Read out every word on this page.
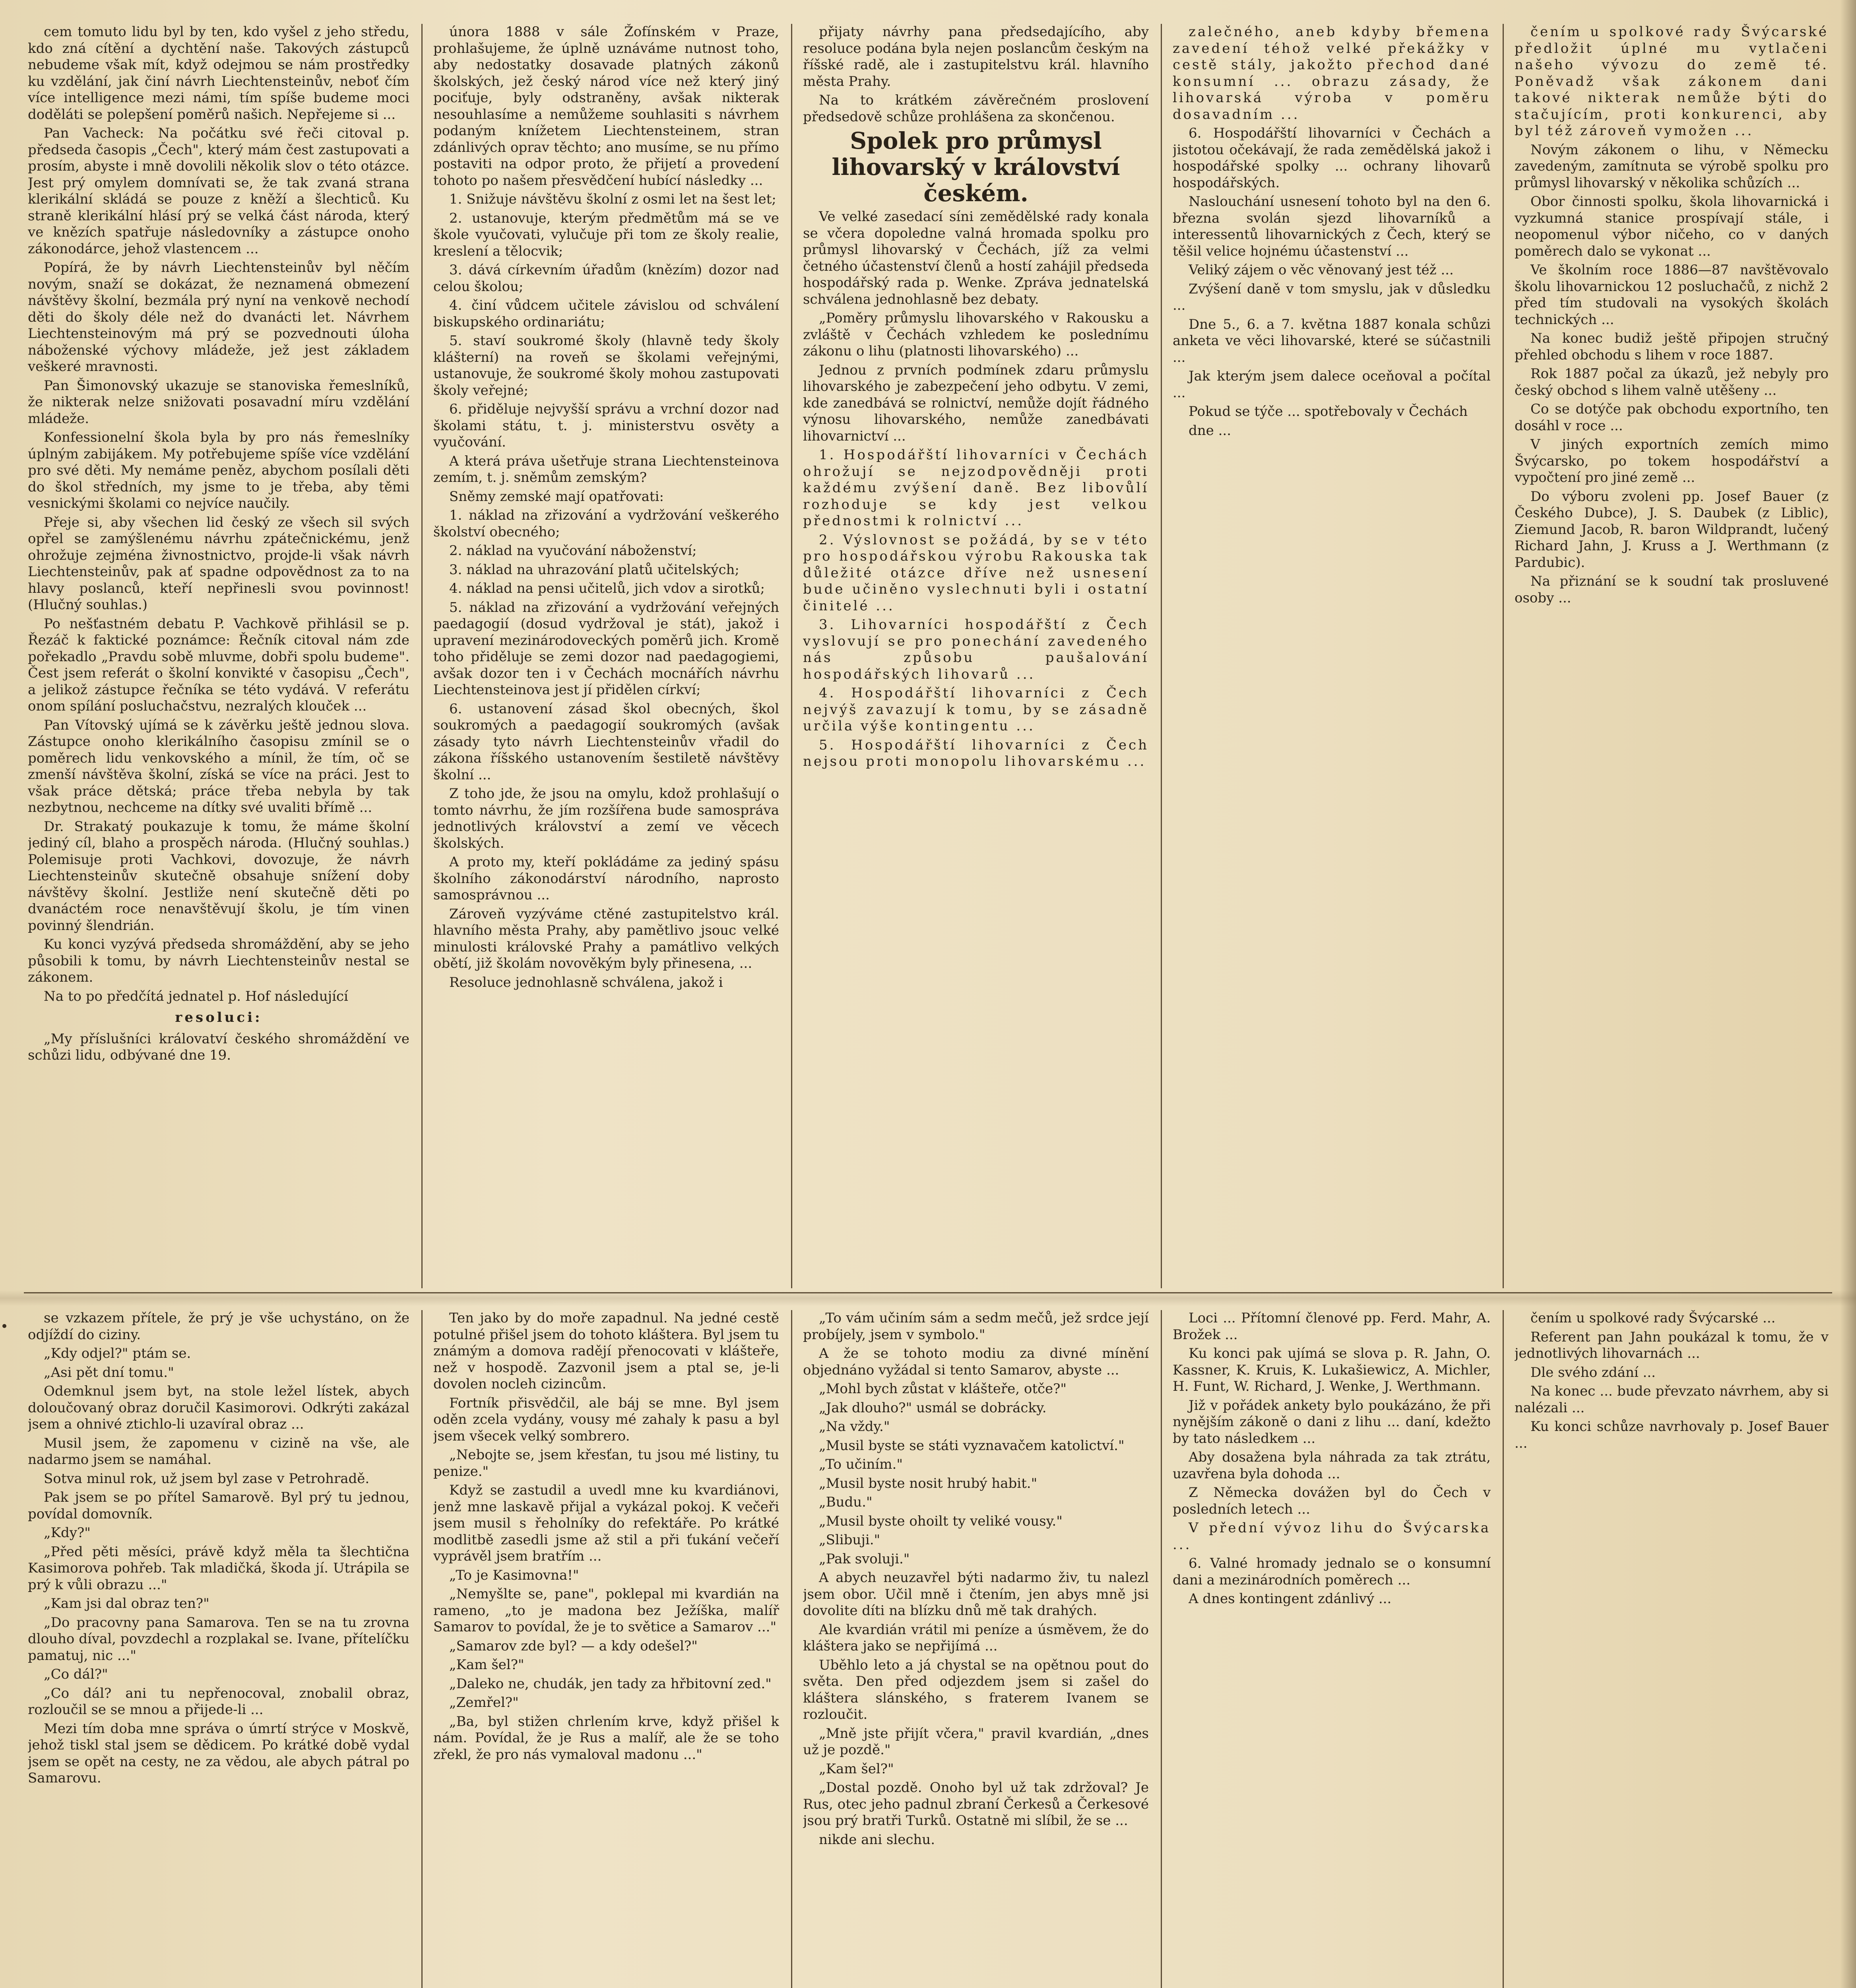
cem tomuto lidu byl by ten, kdo vyšel z jeho středu, kdo zná cítění a dychtění naše. Takových zástupců nebudeme však mít, když odejmou se nám prostředky ku vzdělání, jak činí návrh Liechtensteinův, neboť čím více intelligence mezi námi, tím spíše budeme moci doděláti se polepšení poměrů našich. Nepřejeme si ...

Pan Vacheck: Na počátku své řeči citoval p. předseda časopis „Čech", který mám čest zastupovati a prosím, abyste i mně dovolili několik slov o této otázce. Jest prý omylem domnívati se, že tak zvaná strana klerikální skládá se pouze z kněží a šlechticů. Ku straně klerikální hlásí prý se velká část národa, který ve knězích spatřuje následovníky a zástupce onoho zákonodárce, jehož vlastencem ...

Popírá, že by návrh Liechtensteinův byl něčím novým, snaží se dokázat, že neznamená obmezení návštěvy školní, bezmála prý nyní na venkově nechodí děti do školy déle než do dvanácti let. Návrhem Liechtensteinovým má prý se pozvednouti úloha náboženské výchovy mládeže, jež jest základem veškeré mravnosti.

Pan Šimonovský ukazuje se stanoviska řemeslníků, že nikterak nelze snižovati posavadní míru vzdělání mládeže.

Konfessionelní škola byla by pro nás řemeslníky úplným zabijákem. My potřebujeme spíše více vzdělání pro své děti. My nemáme peněz, abychom posílali děti do škol středních, my jsme to je třeba, aby těmi vesnickými školami co nejvíce naučily.

Přeje si, aby všechen lid český ze všech sil svých opřel se zamýšlenému návrhu zpátečnickému, jenž ohrožuje zejména živnostnictvo, projde-li však návrh Liechtensteinův, pak ať spadne odpovědnost za to na hlavy poslanců, kteří nepřinesli svou povinnost! (Hlučný souhlas.)

Po nešťastném debatu P. Vachkově přihlásil se p. Řezáč k faktické poznámce: Řečník citoval nám zde pořekadlo „Pravdu sobě mluvme, dobři spolu budeme". Čest jsem referát o školní konvikté v časopisu „Čech", a jelikož zástupce řečníka se této vydává. V referátu onom spílání posluchačstvu, nezralých klouček ...

Pan Vítovský ujímá se k závěrku ještě jednou slova. Zástupce onoho klerikálního časopisu zmínil se o poměrech lidu venkovského a mínil, že tím, oč se zmenší návštěva školní, získá se více na práci. Jest to však práce dětská; práce třeba nebyla by tak nezbytnou, nechceme na dítky své uvaliti břímě ...

Dr. Strakatý poukazuje k tomu, že máme školní jediný cíl, blaho a prospěch národa. (Hlučný souhlas.) Polemisuje proti Vachkovi, dovozuje, že návrh Liechtensteinův skutečně obsahuje snížení doby návštěvy školní. Jestliže není skutečně děti po dvanáctém roce nenavštěvují školu, je tím vinen povinný šlendrián.

Ku konci vyzývá předseda shromáždění, aby se jeho působili k tomu, by návrh Liechtensteinův nestal se zákonem.

Na to po předčítá jednatel p. Hof následující

resoluci:

„My příslušníci královatví českého shromáždění ve schůzi lidu, odbývané dne 19.

února 1888 v sále Žofínském v Praze, prohlašujeme, že úplně uznáváme nutnost toho, aby nedostatky dosavade platných zákonů školských, jež český národ více než který jiný pociťuje, byly odstraněny, avšak nikterak nesouhlasíme a nemůžeme souhlasiti s návrhem podaným knížetem Liechtensteinem, stran zdánlivých oprav těchto; ano musíme, se nu přímo postaviti na odpor proto, že přijetí a provedení tohoto po našem přesvědčení hubící následky ...

1. Snižuje návštěvu školní z osmi let na šest let;

2. ustanovuje, kterým předmětům má se ve škole vyučovati, vylučuje při tom ze školy realie, kreslení a tělocvik;

3. dává církevním úřadům (knězím) dozor nad celou školou;

4. činí vůdcem učitele závislou od schválení biskupského ordinariátu;

5. staví soukromé školy (hlavně tedy školy klášterní) na roveň se školami veřejnými, ustanovuje, že soukromé školy mohou zastupovati školy veřejné;

6. přiděluje nejvyšší správu a vrchní dozor nad školami státu, t. j. ministerstvu osvěty a vyučování.

A která práva ušetřuje strana Liechtensteinova zemím, t. j. sněmům zemským?

Sněmy zemské mají opatřovati:

1. náklad na zřizování a vydržování veškerého školství obecného;

2. náklad na vyučování náboženství;

3. náklad na uhrazování platů učitelských;

4. náklad na pensi učitelů, jich vdov a sirotků;

5. náklad na zřizování a vydržování veřejných paedagogií (dosud vydržoval je stát), jakož i upravení mezinárodoveckých poměrů jich. Kromě toho přiděluje se zemi dozor nad paedagogiemi, avšak dozor ten i v Čechách mocnářích návrhu Liechtensteinova jest jí přidělen církví;

6. ustanovení zásad škol obecných, škol soukromých a paedagogií soukromých (avšak zásady tyto návrh Liechtensteinův vřadil do zákona říšského ustanovením šestiletě návštěvy školní ...

Z toho jde, že jsou na omylu, kdož prohlašují o tomto návrhu, že jím rozšířena bude samospráva jednotlivých království a zemí ve věcech školských.

A proto my, kteří pokládáme za jediný spásu školního zákonodárství národního, naprosto samosprávnou ...

Zároveň vyzýváme ctěné zastupitelstvo král. hlavního města Prahy, aby pamětlivo jsouc velké minulosti královské Prahy a památlivo velkých obětí, již školám novověkým byly přinesena, ...

Resoluce jednohlasně schválena, jakož i

přijaty návrhy pana předsedajícího, aby resoluce podána byla nejen poslancům českým na říšské radě, ale i zastupitelstvu král. hlavního města Prahy.

Na to krátkém závěrečném proslovení předsedově schůze prohlášena za skončenou.

Spolek pro průmysl lihovarský v království českém.

Ve velké zasedací síni zemědělské rady konala se včera dopoledne valná hromada spolku pro průmysl lihovarský v Čechách, jíž za velmi četného účastenství členů a hostí zahájil předseda hospodářský rada p. Wenke. Zpráva jednatelská schválena jednohlasně bez debaty.

„Poměry průmyslu lihovarského v Rakousku a zvláště v Čechách vzhledem ke poslednímu zákonu o lihu (platnosti lihovarského) ...

Jednou z prvních podmínek zdaru průmyslu lihovarského je zabezpečení jeho odbytu. V zemi, kde zanedbává se rolnictví, nemůže dojít řádného výnosu lihovarského, nemůže zanedbávati lihovarnictví ...

1. Hospodářští lihovarníci v Čechách ohrožují se nejzodpovědněji proti každému zvýšení daně. Bez libovůlí rozhoduje se kdy jest velkou přednostmi k rolnictví ...

2. Výslovnost se požádá, by se v této pro hospodářskou výrobu Rakouska tak důležité otázce dříve než usnesení bude učiněno vyslechnuti byli i ostatní činitelé ...

3. Lihovarníci hospodářští z Čech vyslovují se pro ponechání zavedeného nás způsobu paušalování hospodářských lihovarů ...

4. Hospodářští lihovarníci z Čech nejvýš zavazují k tomu, by se zásadně určila výše kontingentu ...

5. Hospodářští lihovarníci z Čech nejsou proti monopolu lihovarskému ...

zalečného, aneb kdyby břemena zavedení téhož velké překážky v cestě stály, jakožto přechod dané konsumní ... obrazu zásady, že lihovarská výroba v poměru dosavadním ...

6. Hospodářští lihovarníci v Čechách a jistotou očekávají, že rada zemědělská jakož i hospodářské spolky ... ochrany lihovarů hospodářských.

Naslouchání usnesení tohoto byl na den 6. března svolán sjezd lihovarníků a interessentů lihovarnických z Čech, který se těšil velice hojnému účastenství ...

Veliký zájem o věc věnovaný jest též ...

Zvýšení daně v tom smyslu, jak v důsledku ...

Dne 5., 6. a 7. května 1887 konala schůzi anketa ve věci lihovarské, které se súčastnili ...

Jak kterým jsem dalece oceňoval a počítal ...

Pokud se týče ... spotřebovaly v Čechách

dne ...

čením u spolkové rady Švýcarské předložit úplné mu vytlačeni našeho vývozu do země té. Poněvadž však zákonem dani takové nikterak nemůže býti do stačujícím, proti konkurenci, aby byl též zároveň vymožen ...

Novým zákonem o lihu, v Německu zavedeným, zamítnuta se výrobě spolku pro průmysl lihovarský v několika schůzích ...

Obor činnosti spolku, škola lihovarnická i vyzkumná stanice prospívají stále, i neopomenul výbor ničeho, co v daných poměrech dalo se vykonat ...

Ve školním roce 1886—87 navštěvovalo školu lihovarnickou 12 posluchačů, z nichž 2 před tím studovali na vysokých školách technických ...

Na konec budiž ještě připojen stručný přehled obchodu s lihem v roce 1887.

Rok 1887 počal za úkazů, jež nebyly pro český obchod s lihem valně utěšeny ...

Co se dotýče pak obchodu exportního, ten dosáhl v roce ...

V jiných exportních zemích mimo Švýcarsko, po tokem hospodářství a vypočtení pro jiné země ...

Do výboru zvoleni pp. Josef Bauer (z Českého Dubce), J. S. Daubek (z Liblic), Ziemund Jacob, R. baron Wildprandt, lučený Richard Jahn, J. Kruss a J. Werthmann (z Pardubic).

Na přiznání se k soudní tak prosluvené osoby ...

se vzkazem přítele, že prý je vše uchystáno, on že odjíždí do ciziny.

„Kdy odjel?" ptám se.

„Asi pět dní tomu."

Odemknul jsem byt, na stole ležel lístek, abych doloučovaný obraz doručil Kasimorovi. Odkrýti zakázal jsem a ohnivé ztichlo-li uzavíral obraz ...

Musil jsem, že zapomenu v cizině na vše, ale nadarmo jsem se namáhal.

Sotva minul rok, už jsem byl zase v Petrohradě.

Pak jsem se po přítel Samarově. Byl prý tu jednou, povídal domovník.

„Kdy?"

„Před pěti měsíci, právě když měla ta šlechtična Kasimorova pohřeb. Tak mladičká, škoda jí. Utrápila se prý k vůli obrazu ..."

„Kam jsi dal obraz ten?"

„Do pracovny pana Samarova. Ten se na tu zrovna dlouho díval, povzdechl a rozplakal se. Ivane, přítelíčku pamatuj, nic ..."

„Co dál?"

„Co dál? ani tu nepřenocoval, znobalil obraz, rozloučil se se mnou a přijede-li ...

Mezi tím doba mne správa o úmrtí strýce v Moskvě, jehož tiskl stal jsem se dědicem. Po krátké době vydal jsem se opět na cesty, ne za vědou, ale abych pátral po Samarovu.

Ten jako by do moře zapadnul. Na jedné cestě potulné přišel jsem do tohoto kláštera. Byl jsem tu známým a domova radějí přenocovati v klášteře, než v hospodě. Zazvonil jsem a ptal se, je-li dovolen nocleh cizincům.

Fortník přisvědčil, ale báj se mne. Byl jsem oděn zcela vydány, vousy mé zahaly k pasu a byl jsem všecek velký sombrero.

„Nebojte se, jsem křesťan, tu jsou mé listiny, tu penize."

Když se zastudil a uvedl mne ku kvardiánovi, jenž mne laskavě přijal a vykázal pokoj. K večeři jsem musil s řeholníky do refektáře. Po krátké modlitbě zasedli jsme až stil a při ťukání večeří vyprávěl jsem bratřím ...

„To je Kasimovna!"

„Nemyšlte se, pane", poklepal mi kvardián na rameno, „to je madona bez Ježíška, malíř Samarov to povídal, že je to světice a Samarov ..."

„Samarov zde byl? — a kdy odešel?"

„Kam šel?"

„Daleko ne, chudák, jen tady za hřbitovní zed."

„Zemřel?"

„Ba, byl stižen chrlením krve, když přišel k nám. Povídal, že je Rus a malíř, ale že se toho zřekl, že pro nás vymaloval madonu ..."

„To vám učiním sám a sedm mečů, jež srdce její probíjely, jsem v symbolo."

A že se tohoto modiu za divné mínění objednáno vyžádal si tento Samarov, abyste ...

„Mohl bych zůstat v klášteře, otče?"

„Jak dlouho?" usmál se dobrácky.

„Na vždy."

„Musil byste se státi vyznavačem katolictví."

„To učiním."

„Musil byste nosit hrubý habit."

„Budu."

„Musil byste ohoilt ty veliké vousy."

„Slibuji."

„Pak svoluji."

A abych neuzavřel býti nadarmo živ, tu nalezl jsem obor. Učil mně i čtením, jen abys mně jsi dovolite díti na blízku dnů mě tak drahých.

Ale kvardián vrátil mi peníze a úsměvem, že do kláštera jako se nepřijímá ...

Uběhlo leto a já chystal se na opětnou pout do světa. Den před odjezdem jsem si zašel do kláštera slánského, s fraterem Ivanem se rozloučit.

„Mně jste přijít včera," pravil kvardián, „dnes už je pozdě."

„Kam šel?"

„Dostal pozdě. Onoho byl už tak zdržoval? Je Rus, otec jeho padnul zbraní Čerkesů a Čerkesové jsou prý bratři Turků. Ostatně mi slíbil, že se ...

nikde ani slechu.

Loci ... Přítomní členové pp. Ferd. Mahr, A. Brožek ...

Ku konci pak ujímá se slova p. R. Jahn, O. Kassner, K. Kruis, K. Lukašiewicz, A. Michler, H. Funt, W. Richard, J. Wenke, J. Werthmann.

Již v pořádek ankety bylo poukázáno, že při nynějším zákoně o dani z lihu ... daní, kdežto by tato následkem ...

Aby dosažena byla náhrada za tak ztrátu, uzavřena byla dohoda ...

Z Německa dovážen byl do Čech v posledních letech ...

V přední vývoz lihu do Švýcarska ...

6. Valné hromady jednalo se o konsumní dani a mezinárodních poměrech ...

A dnes kontingent zdánlivý ...

čením u spolkové rady Švýcarské ...

Referent pan Jahn poukázal k tomu, že v jednotlivých lihovarnách ...

Dle svého zdání ...

Na konec ... bude převzato návrhem, aby si nalézali ...

Ku konci schůze navrhovaly p. Josef Bauer ...
